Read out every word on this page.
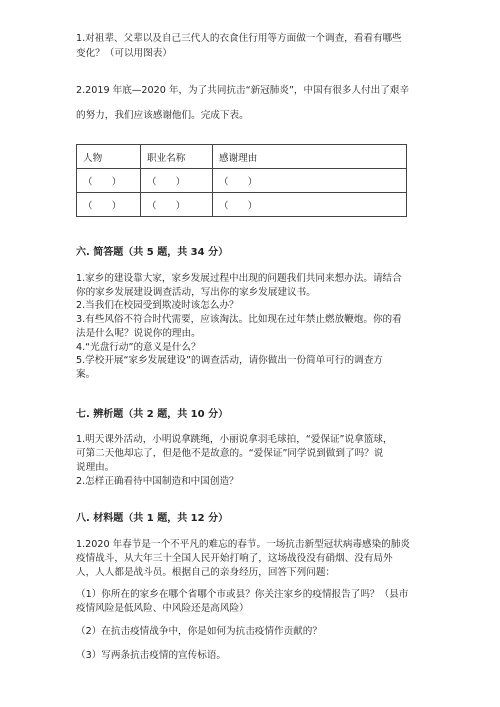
1.对祖辈、父辈以及自己三代人的衣食住行用等方面做一个调查，看看有哪些
变化？（可以用图表）
2.2019 年底—2020 年，为了共同抗击“新冠肺炎”，中国有很多人付出了艰辛
的努力，我们应该感谢他们。完成下表。
人物	职业名称	感谢理由
（　　）	（　　）	（　　）
（　　）	（　　）	（　　）
六. 简答题（共 5 题，共 34 分）
1.家乡的建设靠大家，家乡发展过程中出现的问题我们共同来想办法。请结合
你的家乡发展建设调查活动，写出你的家乡发展建议书。
2.当我们在校园受到欺凌时该怎么办？
3.有些风俗不符合时代需要，应该淘汰。比如现在过年禁止燃放鞭炮。你的看
法是什么呢？说说你的理由。
4.“光盘行动”的意义是什么？
5.学校开展“家乡发展建设”的调查活动，请你做出一份简单可行的调查方
案。
七. 辨析题（共 2 题，共 10 分）
1.明天课外活动，小明说拿跳绳，小丽说拿羽毛球拍，“爱保证”说拿篮球，
可第二天他却忘了，但是他不是故意的。“爱保证”同学说到做到了吗？说
说理由。
2.怎样正确看待中国制造和中国创造？
八. 材料题（共 1 题，共 12 分）
1.2020 年春节是一个不平凡的难忘的春节。一场抗击新型冠状病毒感染的肺炎
疫情战斗，从大年三十全国人民开始打响了，这场战役没有硝烟、没有局外
人，人人都是战斗员。根据自己的亲身经历，回答下列问题：
（1）你所在的家乡在哪个省哪个市或县？你关注家乡的疫情报告了吗？（县市
疫情风险是低风险、中风险还是高风险）
（2）在抗击疫情战争中，你是如何为抗击疫情作贡献的？
（3）写两条抗击疫情的宣传标语。
